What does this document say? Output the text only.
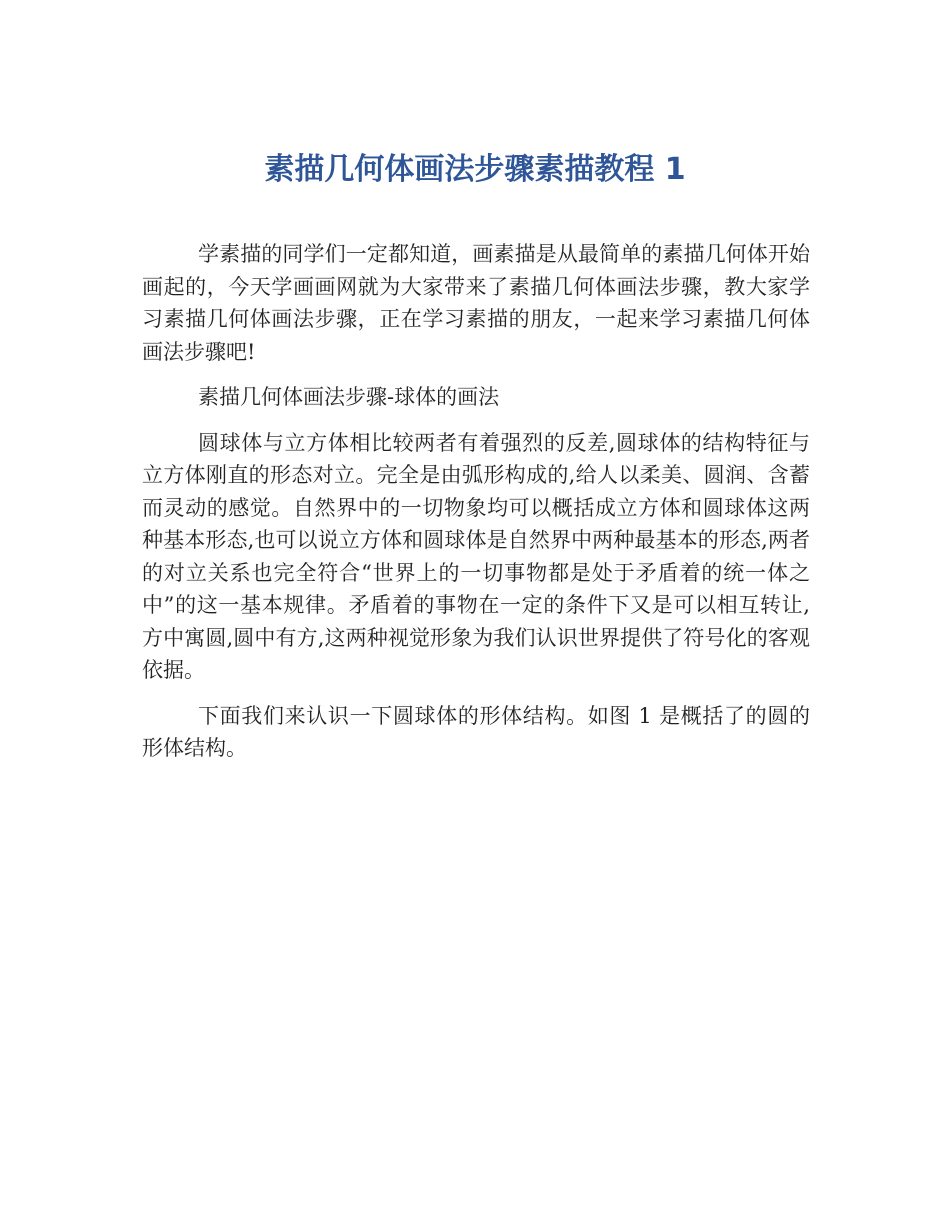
素描几何体画法步骤素描教程 1

学素描的同学们一定都知道，画素描是从最简单的素描几何体开始画起的，今天学画画网就为大家带来了素描几何体画法步骤，教大家学习素描几何体画法步骤，正在学习素描的朋友，一起来学习素描几何体画法步骤吧!

素描几何体画法步骤-球体的画法

圆球体与立方体相比较两者有着强烈的反差,圆球体的结构特征与立方体刚直的形态对立。完全是由弧形构成的,给人以柔美、圆润、含蓄而灵动的感觉。自然界中的一切物象均可以概括成立方体和圆球体这两种基本形态,也可以说立方体和圆球体是自然界中两种最基本的形态,两者的对立关系也完全符合“世界上的一切事物都是处于矛盾着的统一体之中”的这一基本规律。矛盾着的事物在一定的条件下又是可以相互转让,方中寓圆,圆中有方,这两种视觉形象为我们认识世界提供了符号化的客观依据。

下面我们来认识一下圆球体的形体结构。如图 1 是概括了的圆的形体结构。
